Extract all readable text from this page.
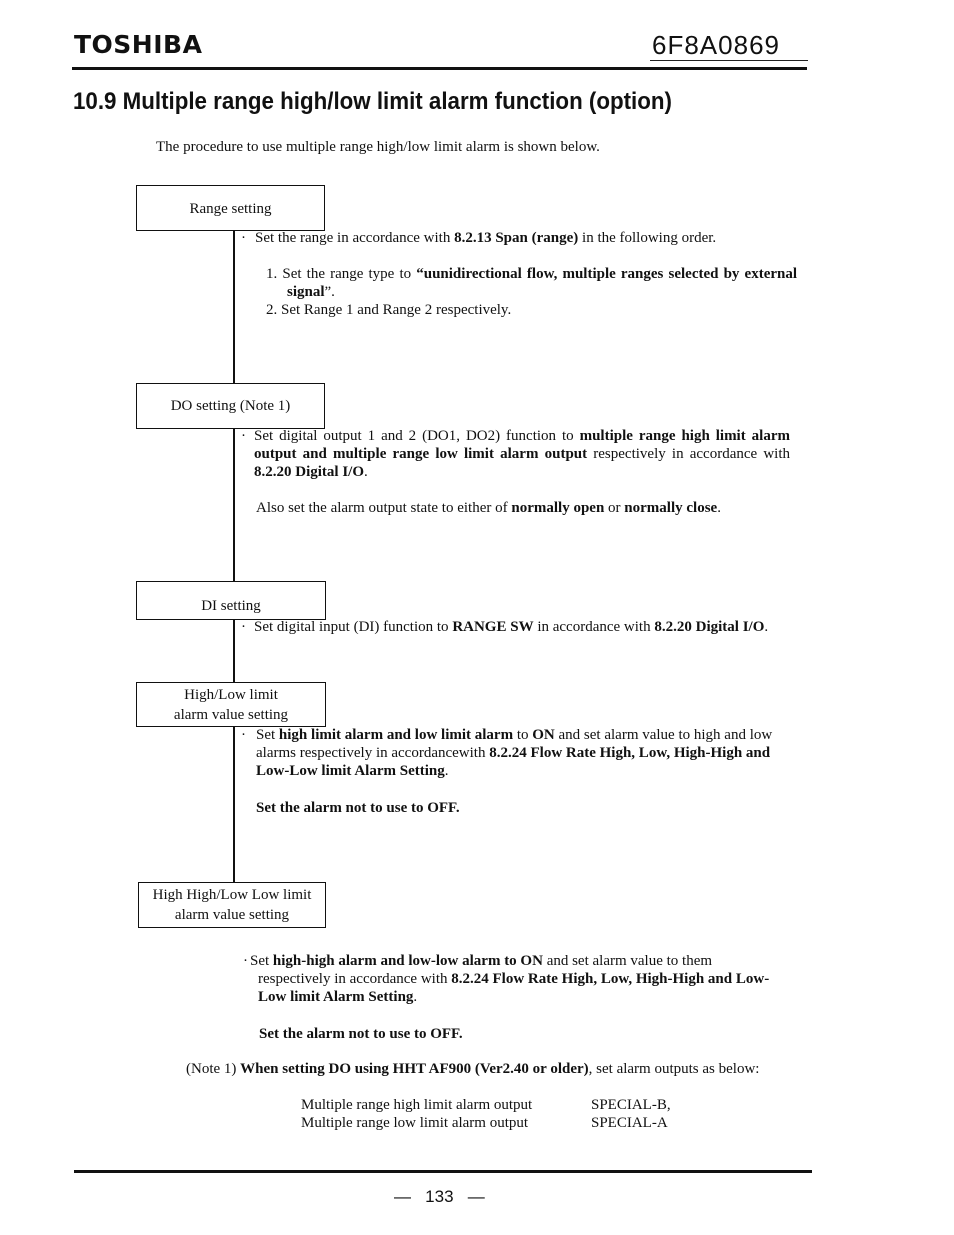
TOSHIBA	6F8A0869
10.9 Multiple range high/low limit alarm function (option)
The procedure to use multiple range high/low limit alarm is shown below.
Range setting
DO setting (Note 1)
DI setting
High/Low limit
alarm value setting
High High/Low Low limit
alarm value setting
· Set the range in accordance with 8.2.13 Span (range) in the following order.
1. Set the range type to “uunidirectional flow, multiple ranges selected by external signal”.
2. Set Range 1 and Range 2 respectively.
· Set digital output 1 and 2 (DO1, DO2) function to multiple range high limit alarm output and multiple range low limit alarm output respectively in accordance with 8.2.20 Digital I/O.
Also set the alarm output state to either of normally open or normally close.
· Set digital input (DI) function to RANGE SW in accordance with 8.2.20 Digital I/O.
· Set high limit alarm and low limit alarm to ON and set alarm value to high and low alarms respectively in accordancewith 8.2.24 Flow Rate High, Low, High-High and Low-Low limit Alarm Setting.
Set the alarm not to use to OFF.
· Set high-high alarm and low-low alarm to ON and set alarm value to them respectively in accordance with 8.2.24 Flow Rate High, Low, High-High and Low-Low limit Alarm Setting.
Set the alarm not to use to OFF.
(Note 1) When setting DO using HHT AF900 (Ver2.40 or older), set alarm outputs as below:
Multiple range high limit alarm output	SPECIAL-B,
Multiple range low limit alarm output	SPECIAL-A
— 133 —
